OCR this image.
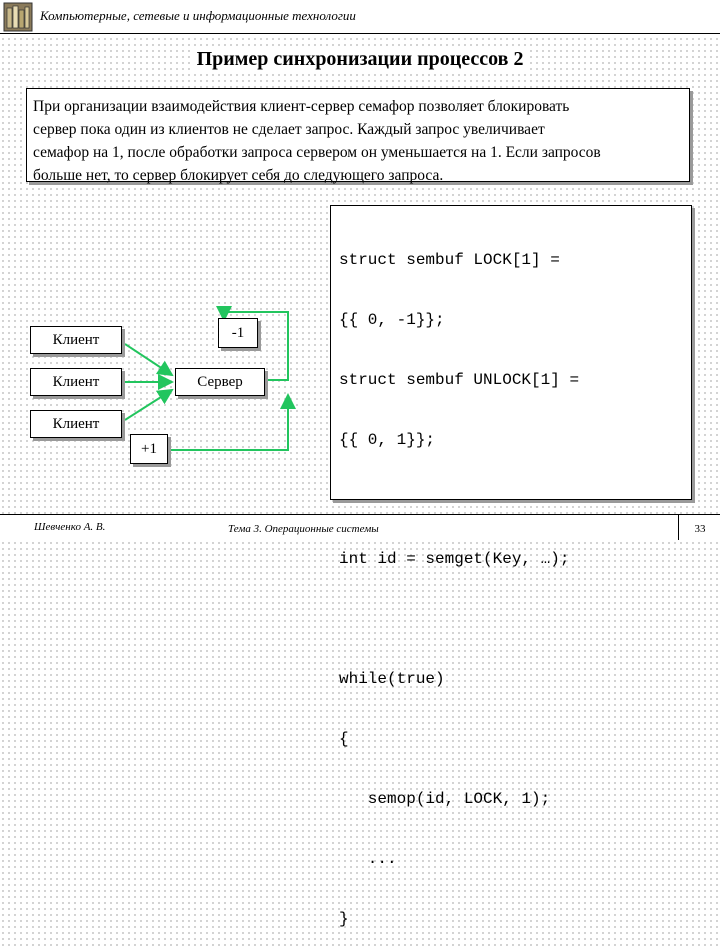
Компьютерные, сетевые и информационные технологии
Пример синхронизации процессов 2
При организации взаимодействия клиент-сервер семафор позволяет блокировать
сервер пока один из клиентов не сделает запрос. Каждый запрос увеличивает
семафор на 1, после обработки запроса сервером он уменьшается на 1. Если запросов
больше нет, то сервер блокирует себя до следующего запроса.

struct sembuf LOCK[1] =

{{ 0, -1}};

struct sembuf UNLOCK[1] =

{{ 0, 1}};

int id = semget(Key, …);

while(true)

{

semop(id, LOCK, 1);

...

}

Клиент
Клиент
Клиент
Сервер
-1
+1
Шевченко А. В.	Тема 3. Операционные системы	33
